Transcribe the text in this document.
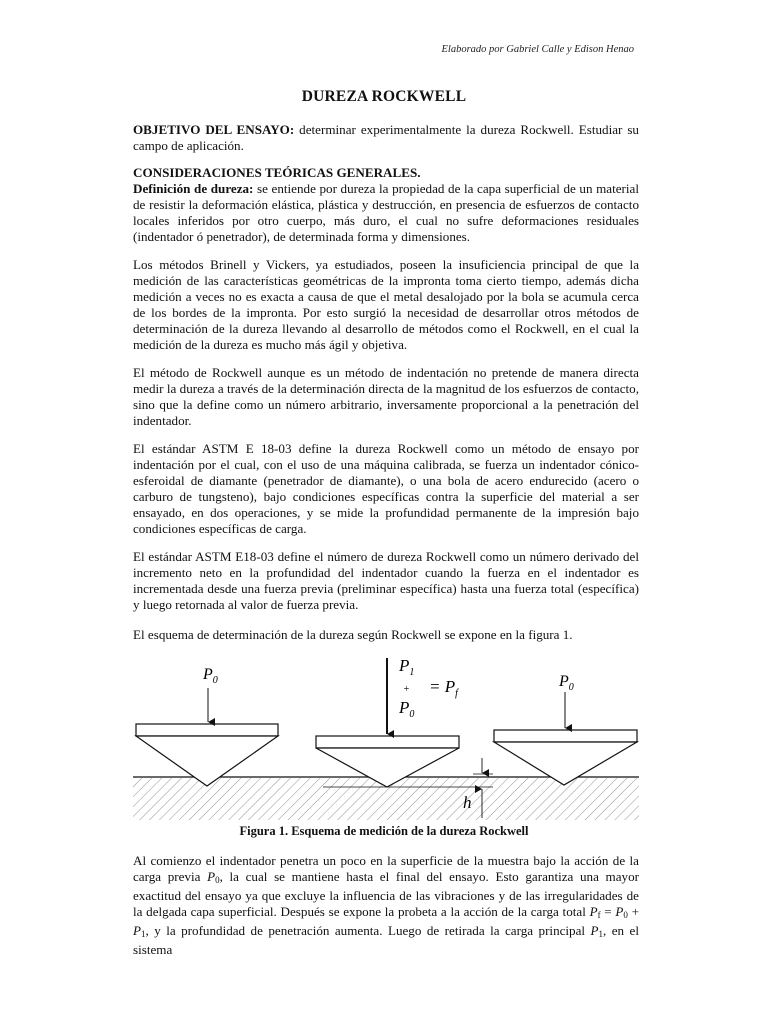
Elaborado por Gabriel Calle y Edison Henao
DUREZA ROCKWELL

OBJETIVO DEL ENSAYO: determinar experimentalmente la dureza Rockwell. Estudiar su campo de aplicación.

CONSIDERACIONES TEÓRICAS GENERALES.

Definición de dureza: se entiende por dureza la propiedad de la capa superficial de un material de resistir la deformación elástica, plástica y destrucción, en presencia de esfuerzos de contacto locales inferidos por otro cuerpo, más duro, el cual no sufre deformaciones residuales (indentador ó penetrador), de determinada forma y dimensiones.

Los métodos Brinell y Vickers, ya estudiados, poseen la insuficiencia principal de que la medición de las características geométricas de la impronta toma cierto tiempo, además dicha medición a veces no es exacta a causa de que el metal desalojado por la bola se acumula cerca de los bordes de la impronta. Por esto surgió la necesidad de desarrollar otros métodos de determinación de la dureza llevando al desarrollo de métodos como el Rockwell, en el cual la medición de la dureza es mucho más ágil y objetiva.

El método de Rockwell aunque es un método de indentación no pretende de manera directa medir la dureza a través de la determinación directa de la magnitud de los esfuerzos de contacto, sino que la define como un número arbitrario, inversamente proporcional a la penetración del indentador.

El estándar ASTM E 18-03 define la dureza Rockwell como un método de ensayo por indentación por el cual, con el uso de una máquina calibrada, se fuerza un indentador cónico-esferoidal de diamante (penetrador de diamante), o una bola de acero endurecido (acero o carburo de tungsteno), bajo condiciones específicas contra la superficie del material a ser ensayado, en dos operaciones, y se mide la profundidad permanente de la impresión bajo condiciones específicas de carga.

El estándar ASTM E18-03 define el número de dureza Rockwell como un número derivado del incremento neto en la profundidad del indentador cuando la fuerza en el indentador es incrementada desde una fuerza previa (preliminar específica) hasta una fuerza total (específica) y luego retornada al valor de fuerza previa.

El esquema de determinación de la dureza según Rockwell se expone en la figura 1.

$P_0$
$P_1$
+ = $P_f$
$P_0$
$P_0$
h
Figura 1. Esquema de medición de la dureza Rockwell

Al comienzo el indentador penetra un poco en la superficie de la muestra bajo la acción de la carga previa $P_0$, la cual se mantiene hasta el final del ensayo. Esto garantiza una mayor exactitud del ensayo ya que excluye la influencia de las vibraciones y de las irregularidades de la delgada capa superficial. Después se expone la probeta a la acción de la carga total $P_f = P_0 + P_1$, y la profundidad de penetración aumenta. Luego de retirada la carga principal $P_1$, en el sistema
